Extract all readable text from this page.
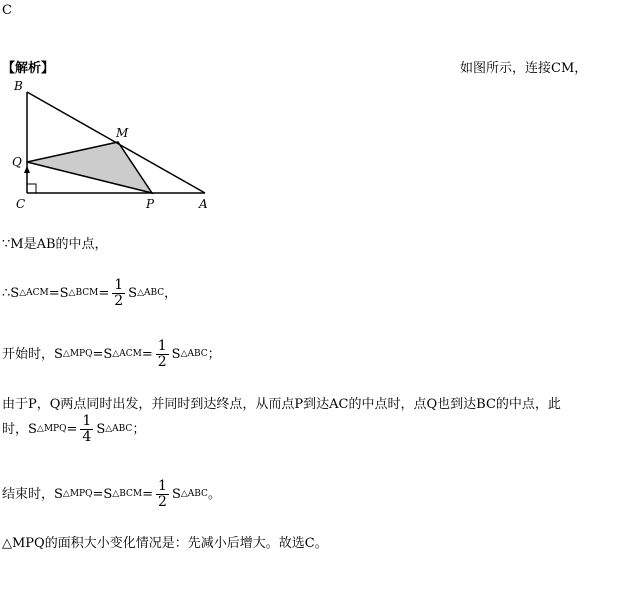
C
【解析】	如图所示，连接CM，
B
M
Q
C	P	A
∵M是AB的中点，
∴S △ACM =S △BCM = $\frac{1}{2}$ S △ABC ，
开始时，S △MPQ =S △ACM = $\frac{1}{2}$ S △ABC ；
由于P，Q两点同时出发，并同时到达终点，从而点P到达AC的中点时，点Q也到达BC的中点，此
时，S △MPQ = $\frac{1}{4}$ S △ABC ；
结束时，S △MPQ =S △BCM = $\frac{1}{2}$ S △ABC 。
△MPQ的面积大小变化情况是：先减小后增大。故选C。
